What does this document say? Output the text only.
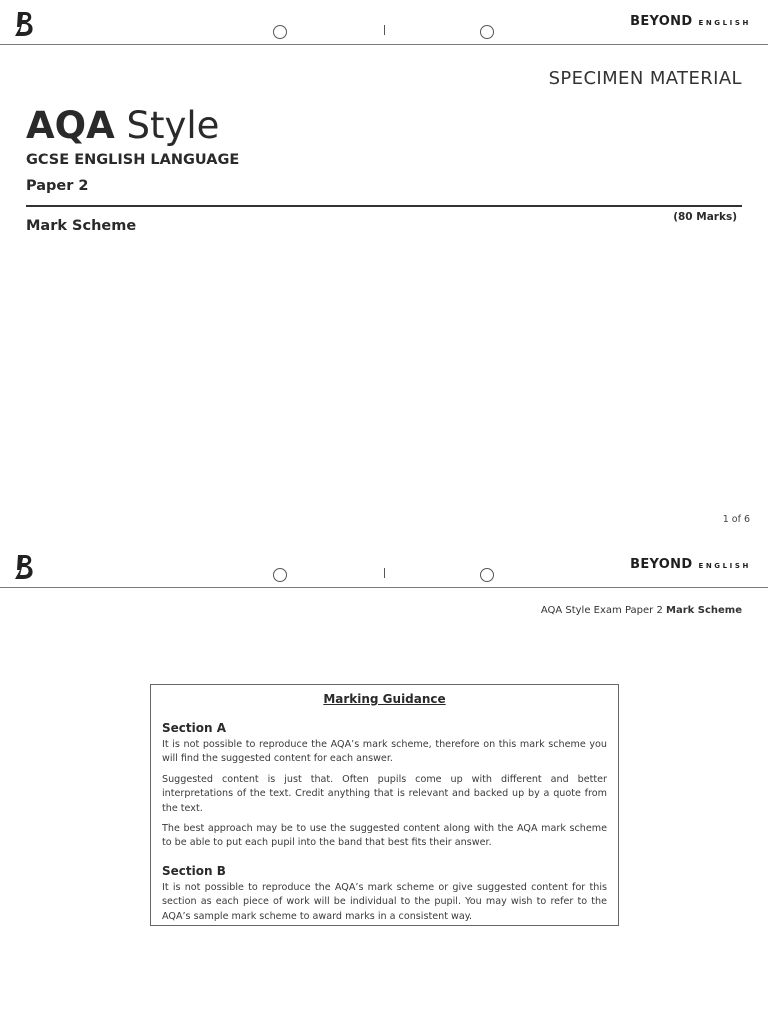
BEYOND ENGLISH
SPECIMEN MATERIAL
AQA Style
GCSE ENGLISH LANGUAGE
Paper 2
Mark Scheme
(80 Marks)
1 of 6
BEYOND ENGLISH
AQA Style Exam Paper 2 Mark Scheme
Marking Guidance
Section A

It is not possible to reproduce the AQA’s mark scheme, therefore on this mark scheme you will find the suggested content for each answer.

Suggested content is just that. Often pupils come up with different and better interpretations of the text. Credit anything that is relevant and backed up by a quote from the text.

The best approach may be to use the suggested content along with the AQA mark scheme to be able to put each pupil into the band that best fits their answer.

Section B

It is not possible to reproduce the AQA’s mark scheme or give suggested content for this section as each piece of work will be individual to the pupil. You may wish to refer to the AQA’s sample mark scheme to award marks in a consistent way.
